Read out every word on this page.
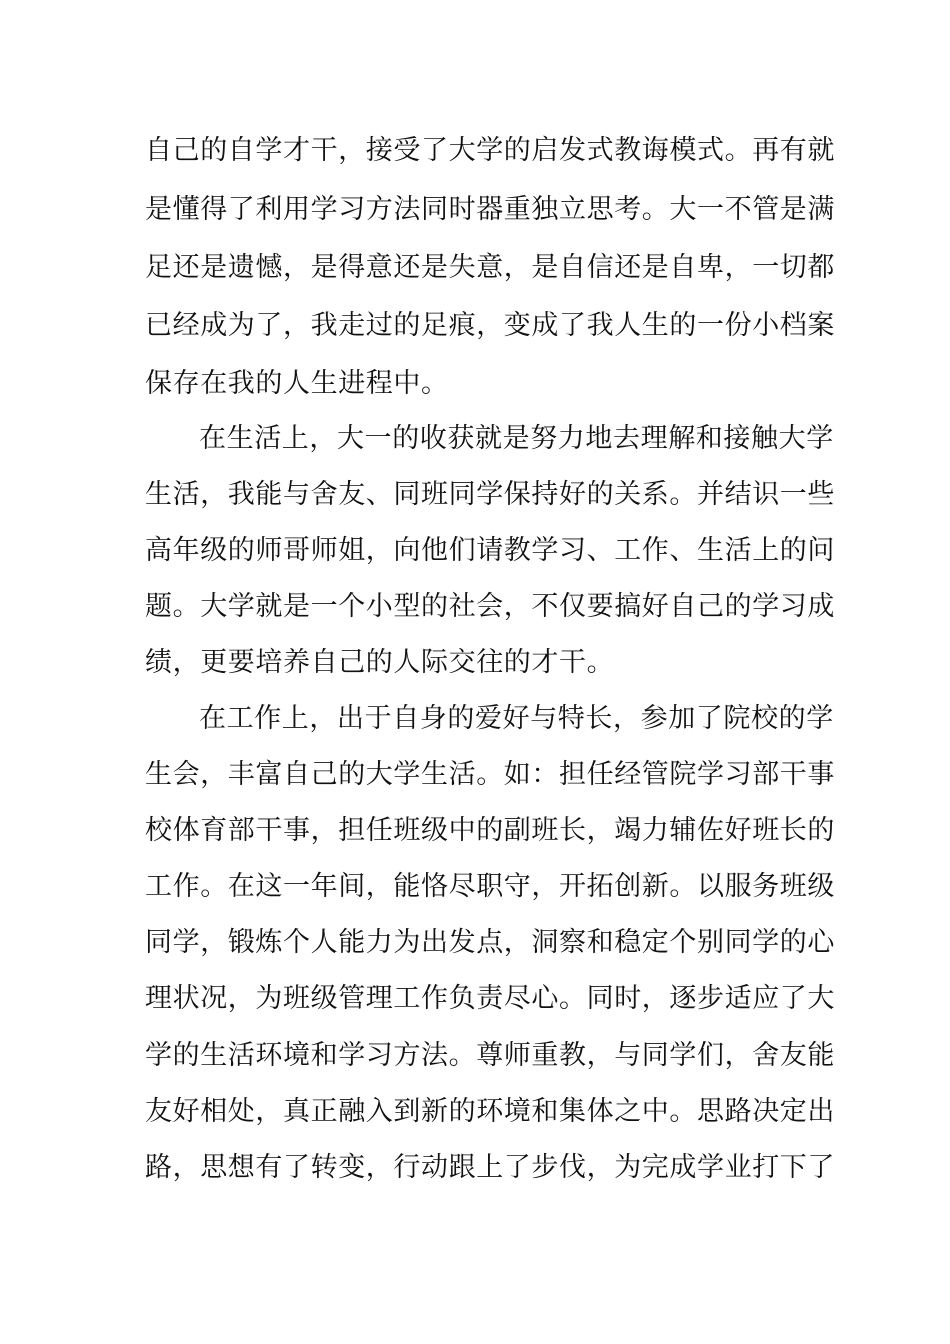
自己的自学才干，接受了大学的启发式教诲模式。再有就
是懂得了利用学习方法同时器重独立思考。大一不管是满
足还是遗憾，是得意还是失意，是自信还是自卑，一切都
已经成为了，我走过的足痕，变成了我人生的一份小档案
保存在我的人生进程中。
在生活上，大一的收获就是努力地去理解和接触大学
生活，我能与舍友、同班同学保持好的关系。并结识一些
高年级的师哥师姐，向他们请教学习、工作、生活上的问
题。大学就是一个小型的社会，不仅要搞好自己的学习成
绩，更要培养自己的人际交往的才干。
在工作上，出于自身的爱好与特长，参加了院校的学
生会，丰富自己的大学生活。如：担任经管院学习部干事
校体育部干事，担任班级中的副班长，竭力辅佐好班长的
工作。在这一年间，能恪尽职守，开拓创新。以服务班级
同学，锻炼个人能力为出发点，洞察和稳定个别同学的心
理状况，为班级管理工作负责尽心。同时，逐步适应了大
学的生活环境和学习方法。尊师重教，与同学们，舍友能
友好相处，真正融入到新的环境和集体之中。思路决定出
路，思想有了转变，行动跟上了步伐，为完成学业打下了
